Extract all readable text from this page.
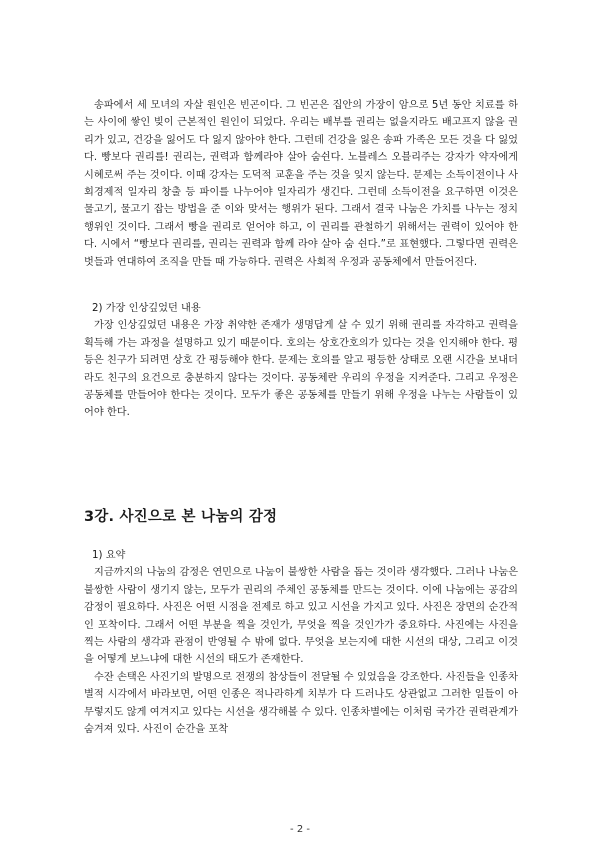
송파에서 세 모녀의 자살 원인은 빈곤이다. 그 빈곤은 집안의 가장이 암으로 5년 동안 치료를 하는 사이에 쌓인 빚이 근본적인 원인이 되었다. 우리는 배부를 권리는 없을지라도 배고프지 않을 권리가 있고, 건강을 잃어도 다 잃지 않아야 한다. 그런데 건강을 잃은 송파 가족은 모든 것을 다 잃었다. 빵보다 권리를! 권리는, 권력과 함께라야 살아 숨쉰다. 노블레스 오블리주는 강자가 약자에게 시혜로써 주는 것이다. 이때 강자는 도덕적 교훈을 주는 것을 잊지 않는다. 문제는 소득이전이나 사회경제적 일자리 창출 등 파이를 나누어야 일자리가 생긴다. 그런데 소득이전을 요구하면 이것은 물고기, 물고기 잡는 방법을 준 이와 맞서는 행위가 된다. 그래서 결국 나눔은 가치를 나누는 정치 행위인 것이다. 그래서 빵을 권리로 얻어야 하고, 이 권리를 관철하기 위해서는 권력이 있어야 한다. 시에서 “빵보다 권리를, 권리는 권력과 함께 라야 살아 숨 쉰다.”로 표현했다. 그렇다면 권력은 벗들과 연대하여 조직을 만들 때 가능하다. 권력은 사회적 우정과 공동체에서 만들어진다.

2) 가장 인상깊었던 내용

가장 인상깊었던 내용은 가장 취약한 존재가 생명답게 살 수 있기 위해 권리를 자각하고 권력을 획득해 가는 과정을 설명하고 있기 때문이다. 호의는 상호간호의가 있다는 것을 인지해야 한다. 평등은 친구가 되려면 상호 간 평등해야 한다. 문제는 호의를 알고 평등한 상태로 오랜 시간을 보내더라도 친구의 요건으로 충분하지 않다는 것이다. 공동체란 우리의 우정을 지켜준다. 그리고 우정은 공동체를 만들어야 한다는 것이다. 모두가 좋은 공동체를 만들기 위해 우정을 나누는 사람들이 있어야 한다.

3강. 사진으로 본 나눔의 감정

1) 요약

지금까지의 나눔의 감정은 연민으로 나눔이 불쌍한 사람을 돕는 것이라 생각했다. 그러나 나눔은 불쌍한 사람이 생기지 않는, 모두가 권리의 주체인 공동체를 만드는 것이다. 이에 나눔에는 공감의 감정이 필요하다. 사진은 어떤 시점을 전제로 하고 있고 시선을 가지고 있다. 사진은 장면의 순간적인 포착이다. 그래서 어떤 부분을 찍을 것인가, 무엇을 찍을 것인가가 중요하다. 사진에는 사진을 찍는 사람의 생각과 관점이 반영될 수 밖에 없다. 무엇을 보는지에 대한 시선의 대상, 그리고 이것을 어떻게 보느냐에 대한 시선의 태도가 존재한다.

수잔 손택은 사진기의 발명으로 전쟁의 참상들이 전달될 수 있었음을 강조한다. 사진들을 인종차별적 시각에서 바라보면, 어떤 인종은 적나라하게 치부가 다 드러나도 상관없고 그러한 일들이 아무렇지도 않게 여겨지고 있다는 시선을 생각해볼 수 있다. 인종차별에는 이처럼 국가간 권력관계가 숨겨져 있다. 사진이 순간을 포착

- 2 -
